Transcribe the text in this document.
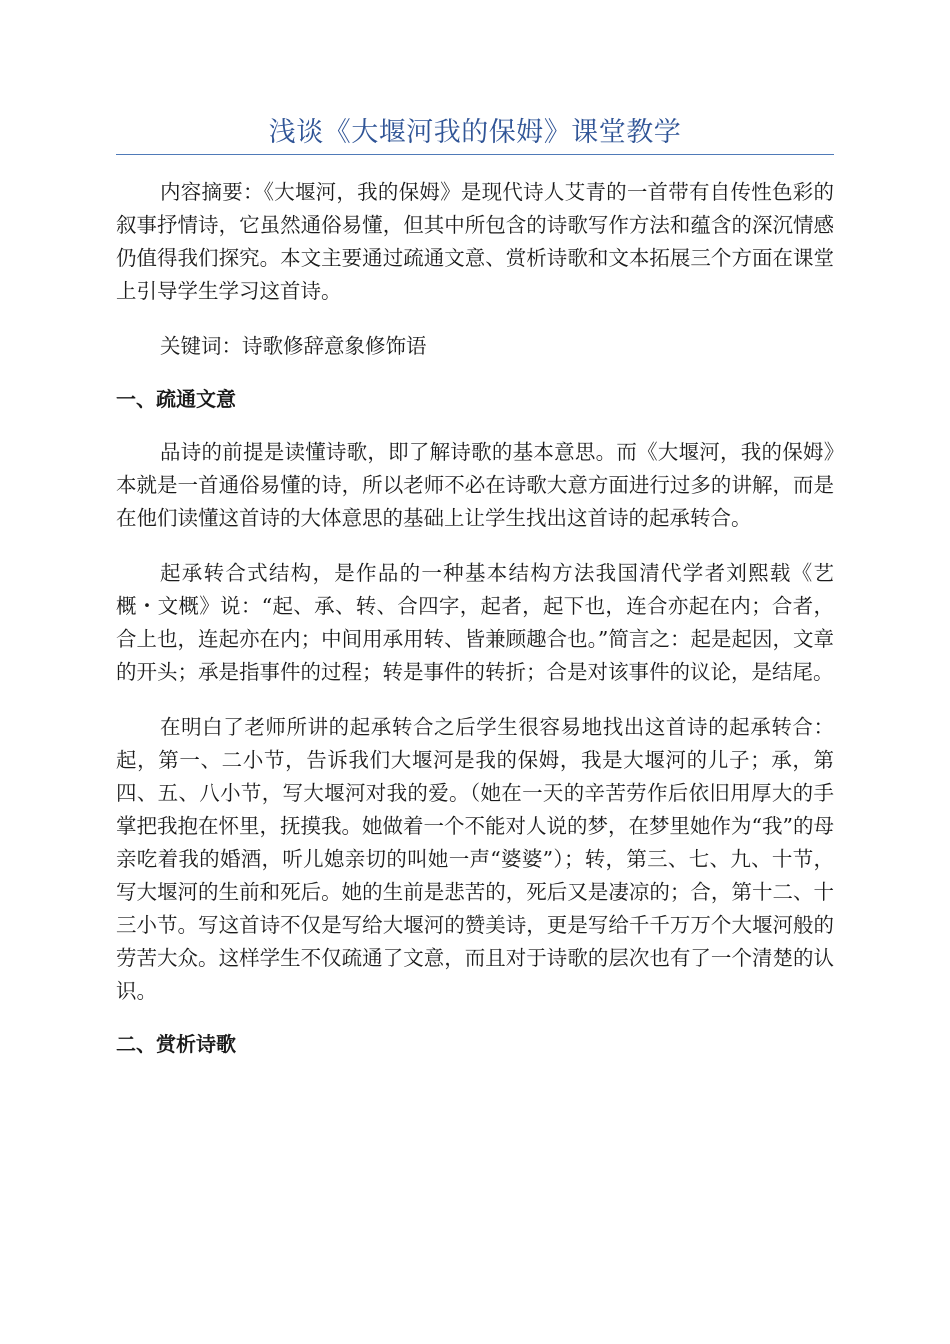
浅谈《大堰河我的保姆》课堂教学

内容摘要：《大堰河，我的保姆》是现代诗人艾青的一首带有自传性色彩的叙事抒情诗，它虽然通俗易懂，但其中所包含的诗歌写作方法和蕴含的深沉情感仍值得我们探究。本文主要通过疏通文意、赏析诗歌和文本拓展三个方面在课堂上引导学生学习这首诗。

关键词：诗歌修辞意象修饰语

一、疏通文意

品诗的前提是读懂诗歌，即了解诗歌的基本意思。而《大堰河，我的保姆》本就是一首通俗易懂的诗，所以老师不必在诗歌大意方面进行过多的讲解，而是在他们读懂这首诗的大体意思的基础上让学生找出这首诗的起承转合。

起承转合式结构，是作品的一种基本结构方法我国清代学者刘熙载《艺概・文概》说：“起、承、转、合四字，起者，起下也，连合亦起在内；合者，合上也，连起亦在内；中间用承用转、皆兼顾趣合也。”简言之：起是起因，文章的开头；承是指事件的过程；转是事件的转折；合是对该事件的议论，是结尾。

在明白了老师所讲的起承转合之后学生很容易地找出这首诗的起承转合：起，第一、二小节，告诉我们大堰河是我的保姆，我是大堰河的儿子；承，第四、五、八小节，写大堰河对我的爱。（她在一天的辛苦劳作后依旧用厚大的手掌把我抱在怀里，抚摸我。她做着一个不能对人说的梦，在梦里她作为“我”的母亲吃着我的婚酒，听儿媳亲切的叫她一声“婆婆”）；转，第三、七、九、十节，写大堰河的生前和死后。她的生前是悲苦的，死后又是凄凉的；合，第十二、十三小节。写这首诗不仅是写给大堰河的赞美诗，更是写给千千万万个大堰河般的劳苦大众。这样学生不仅疏通了文意，而且对于诗歌的层次也有了一个清楚的认识。

二、赏析诗歌
